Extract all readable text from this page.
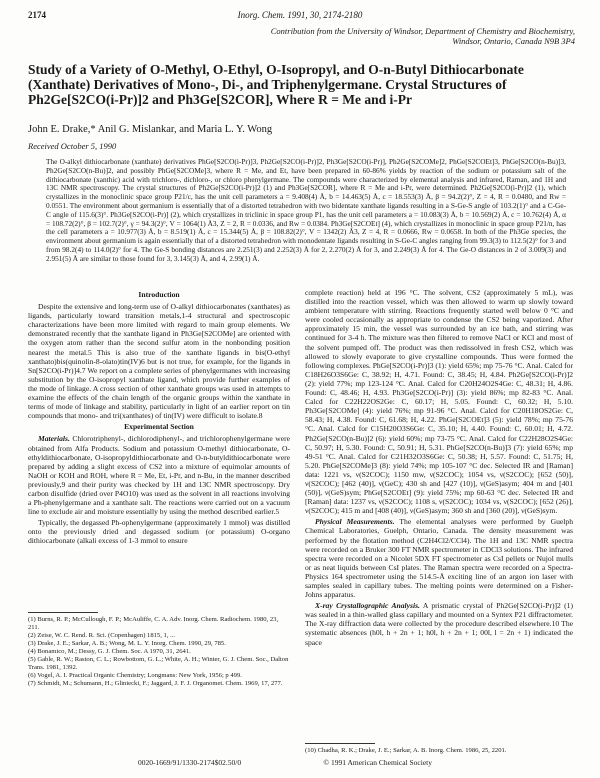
2174	Inorg. Chem. 1991, 30, 2174-2180
Contribution from the University of Windsor, Department of Chemistry and Biochemistry, Windsor, Ontario, Canada N9B 3P4
Study of a Variety of O-Methyl, O-Ethyl, O-Isopropyl, and O-n-Butyl Dithiocarbonate (Xanthate) Derivatives of Mono-, Di-, and Triphenylgermane. Crystal Structures of Ph2Ge[S2CO(i-Pr)]2 and Ph3Ge[S2COR], Where R = Me and i-Pr
John E. Drake,* Anil G. Mislankar, and Maria L. Y. Wong
Received October 5, 1990
The O-alkyl dithiocarbonate (xanthate) derivatives PhGe[S2CO(i-Pr)]3, Ph2Ge[S2CO(i-Pr)]2, Ph3Ge[S2CO(i-Pr)], Ph2Ge[S2COMe]2, PhGe[S2COEt]3, PhGe[S2CO(n-Bu)]3, Ph2Ge[S2CO(n-Bu)]2, and possibly PhGe[S2COMe]3, where R = Me, and Et, have been prepared in 60-86% yields by reaction of the sodium or potassium salt of the dithiocarbonate (xanthic) acid with trichloro-, dichloro-, or chloro phenylgermane. The compounds were characterized by elemental analysis and infrared, Raman, and 1H and 13C NMR spectroscopy. The crystal structures of Ph2Ge[S2CO(i-Pr)]2 (1) and Ph3Ge[S2COR], where R = Me and i-Pr, were determined. Ph2Ge[S2CO(i-Pr)]2 (1), which crystallizes in the monoclinic space group P21/c, has the unit cell parameters a = 9.408(4) Å, b = 14.463(5) Å, c = 18.553(3) Å, β = 94.2(2)°, Z = 4, R = 0.0480, and Rw = 0.0551. The environment about germanium is essentially that of a distorted tetrahedron with two bidentate xanthate ligands resulting in a S-Ge-S angle of 103.2(1)° and a C-Ge-C angle of 115.6(3)°. Ph3Ge[S2CO(i-Pr)] (2), which crystallizes in triclinic in space group P1, has the unit cell parameters a = 10.083(3) Å, b = 10.569(2) Å, c = 10.762(4) Å, α = 108.72(2)°, β = 102.7(2)°, γ = 94.3(2)°, V = 1064(1) Å3, Z = 2, R = 0.0336, and Rw = 0.0384. Ph3Ge[S2COEt] (4), which crystallizes in monoclinic in space group P21/n, has the cell parameters a = 10.977(3) Å, b = 8.519(1) Å, c = 15.344(5) Å, β = 108.82(2)°, V = 1342(2) Å3, Z = 4, R = 0.0666, Rw = 0.0658. In both of the Ph3Ge species, the environment about germanium is again essentially that of a distorted tetrahedron with monodentate ligands resulting in S-Ge-C angles ranging from 99.3(3) to 112.5(2)° for 3 and from 98.2(4) to 114.0(2)° for 4. The Ge-S bonding distances are 2.251(3) and 2.252(3) Å for 2, 2.270(2) Å for 3, and 2.249(3) Å for 4. The Ge-O distances in 2 of 3.009(3) and 2.951(5) Å are similar to those found for 3, 3.145(3) Å, and 4, 2.99(1) Å.
Introduction

Despite the extensive and long-term use of O-alkyl dithiocarbonates (xanthates) as ligands, particularly toward transition metals,1-4 structural and spectroscopic characterizations have been more limited with regard to main group elements. We demonstrated recently that the xanthate ligand in Ph3Ge[S2COMe] are oriented with the oxygen atom rather than the second sulfur atom in the nonbonding position nearest the metal.5 This is also true of the xanthate ligands in bis(O-ethyl xanthato)bis(quinolin-8-olato)tin(IV)6 but is not true, for example, for the ligands in Sn[S2CO(i-Pr)]4.7 We report on a complete series of phenylgermanes with increasing substitution by the O-isopropyl xanthate ligand, which provide further examples of the mode of linkage. A cross section of other xanthate groups was used in attempts to examine the effects of the chain length of the organic groups within the xanthate in terms of mode of linkage and stability, particularly in light of an earlier report on tin compounds that mono- and tri(xanthates) of tin(IV) were difficult to isolate.8

Experimental Section

Materials. Chlorotriphenyl-, dichlorodiphenyl-, and trichlorophenylgermane were obtained from Alfa Products. Sodium and potassium O-methyl dithiocarbonate, O-ethyldithiocarbonate, O-isopropyldithiocarbonate and O-n-butyldithiocarbonate were prepared by adding a slight excess of CS2 into a mixture of equimolar amounts of NaOH or KOH and ROH, where R = Me, Et, i-Pr, and n-Bu, in the manner described previously,9 and their purity was checked by 1H and 13C NMR spectroscopy. Dry carbon disulfide (dried over P4O10) was used as the solvent in all reactions involving a Ph-phenylgermane and a xanthate salt. The reactions were carried out on a vacuum line to exclude air and moisture essentially by using the method described earlier.5

Typically, the degassed Ph-ophenylgermane (approximately 1 mmol) was distilled onto the previously dried and degassed sodium (or potassium) O-organo dithiocarbonate (alkali excess of 1-3 mmol to ensure

complete reaction) held at 196 °C. The solvent, CS2 (approximately 5 mL), was distilled into the reaction vessel, which was then allowed to warm up slowly toward ambient temperature with stirring. Reactions frequently started well below 0 °C and were cooled occasionally as appropriate to condense the CS2 being vaporized. After approximately 15 min, the vessel was surrounded by an ice bath, and stirring was continued for 3-4 h. The mixture was then filtered to remove NaCl or KCl and most of the solvent pumped off. The product was then redissolved in fresh CS2, which was allowed to slowly evaporate to give crystalline compounds. Thus were formed the following complexes. PhGe[S2CO(i-Pr)]3 (1): yield 65%; mp 75-76 °C. Anal. Calcd for C18H26O3S6Ge: C, 38.92; H, 4.71. Found: C, 38.45; H, 4.84. Ph2Ge[S2CO(i-Pr)]2 (2): yield 77%; mp 123-124 °C. Anal. Calcd for C20H24O2S4Ge: C, 48.31; H, 4.86. Found: C, 48.46; H, 4.93. Ph3Ge[S2CO(i-Pr)] (3): yield 86%; mp 82-83 °C. Anal. Calcd for C22H22OS2Ge: C, 60.17; H, 5.05. Found: C, 60.32; H, 5.10. Ph3Ge[S2COMe] (4): yield 76%; mp 91-96 °C. Anal. Calcd for C20H18OS2Ge: C, 58.43; H, 4.38. Found: C, 61.68; H, 4.22. PhGe[S2COEt]3 (5): yield 78%; mp 75-76 °C. Anal. Calcd for C15H20O3S6Ge: C, 35.10; H, 4.40. Found: C, 60.01; H, 4.72. Ph2Ge[S2CO(n-Bu)]2 (6): yield 60%; mp 73-75 °C. Anal. Calcd for C22H28O2S4Ge: C, 50.97; H, 5.30. Found: C, 50.91; H, 5.31. PhGe[S2CO(n-Bu)]3 (7): yield 65%; mp 49-51 °C. Anal. Calcd for C21H32O3S6Ge: C, 50.38; H, 5.57. Found: C, 51.75; H, 5.20. PhGe[S2COMe]3 (8): yield 74%; mp 105-107 °C dec. Selected IR and [Raman] data: 1221 vs, ν(S2COC); 1150 mw, ν(S2COC); 1054 vs, ν(S2COC); [652 (50)], ν(S2COC); [462 (40)], ν(GeC); 430 sh and [427 (10)], ν(GeS)asym; 404 m and [401 (50)], ν(GeS)sym; PhGe[S2COEt] (9): yield 75%; mp 60-63 °C dec. Selected IR and [Raman] data: 1237 vs, ν(S2COC); 1108 s, ν(S2COC); 1034 vs, ν(S2COC); [652 (26)], ν(S2COC); 415 m and [408 (40)], ν(GeS)asym; 360 sh and [360 (20)], ν(GeS)sym.

Physical Measurements. The elemental analyses were performed by Guelph Chemical Laboratories, Guelph, Ontario, Canada. The density measurement was performed by the flotation method (C2H4Cl2/CCl4). The 1H and 13C NMR spectra were recorded on a Bruker 300 FT NMR spectrometer in CDCl3 solutions. The infrared spectra were recorded on a Nicolet 5DX FT spectrometer as CsI pellets or Nujol mulls or as neat liquids between CsI plates. The Raman spectra were recorded on a Spectra-Physics 164 spectrometer using the 514.5-Å exciting line of an argon ion laser with samples sealed in capillary tubes. The melting points were determined on a Fisher-Johns apparatus.

X-ray Crystallographic Analysis. A prismatic crystal of Ph2Ge[S2CO(i-Pr)]2 (1) was sealed in a thin-walled glass capillary and mounted on a Syntex P21 diffractometer. The X-ray diffraction data were collected by the procedure described elsewhere.10 The systematic absences (h0l, h + 2n + 1; h0l, h + 2n + 1; 00l, l = 2n + 1) indicated the space

(1) Burns, R. P.; McCullough, F. P.; McAuliffe, C. A. Adv. Inorg. Chem. Radiochem. 1980, 23, 211.
(2) Zeise, W. C. Rend. R. Sci. (Copenhagen) 1815, 1, ...
(3) Drake, J. E.; Sarkar, A. B.; Wong, M. L. Y. Inorg. Chem. 1990, 29, 785.
(4) Bonamico, M.; Dessy, G. J. Chem. Soc. A 1970, 31, 2641.
(5) Gable, R. W.; Raston, C. L.; Rowbottom, G. L.; White, A. H.; Winter, G. J. Chem. Soc., Dalton Trans. 1981, 1392.
(6) Vogel, A. I. Practical Organic Chemistry; Longmans: New York, 1956; p 499.
(7) Schmidt, M.; Schumann, H.; Gliniecki, F.; Jaggard, J. F. J. Organomet. Chem. 1969, 17, 277.
(10) Chadha, R. K.; Drake, J. E.; Sarkar, A. B. Inorg. Chem. 1986, 25, 2201.
0020-1669/91/1330-2174$02.50/0	© 1991 American Chemical Society
